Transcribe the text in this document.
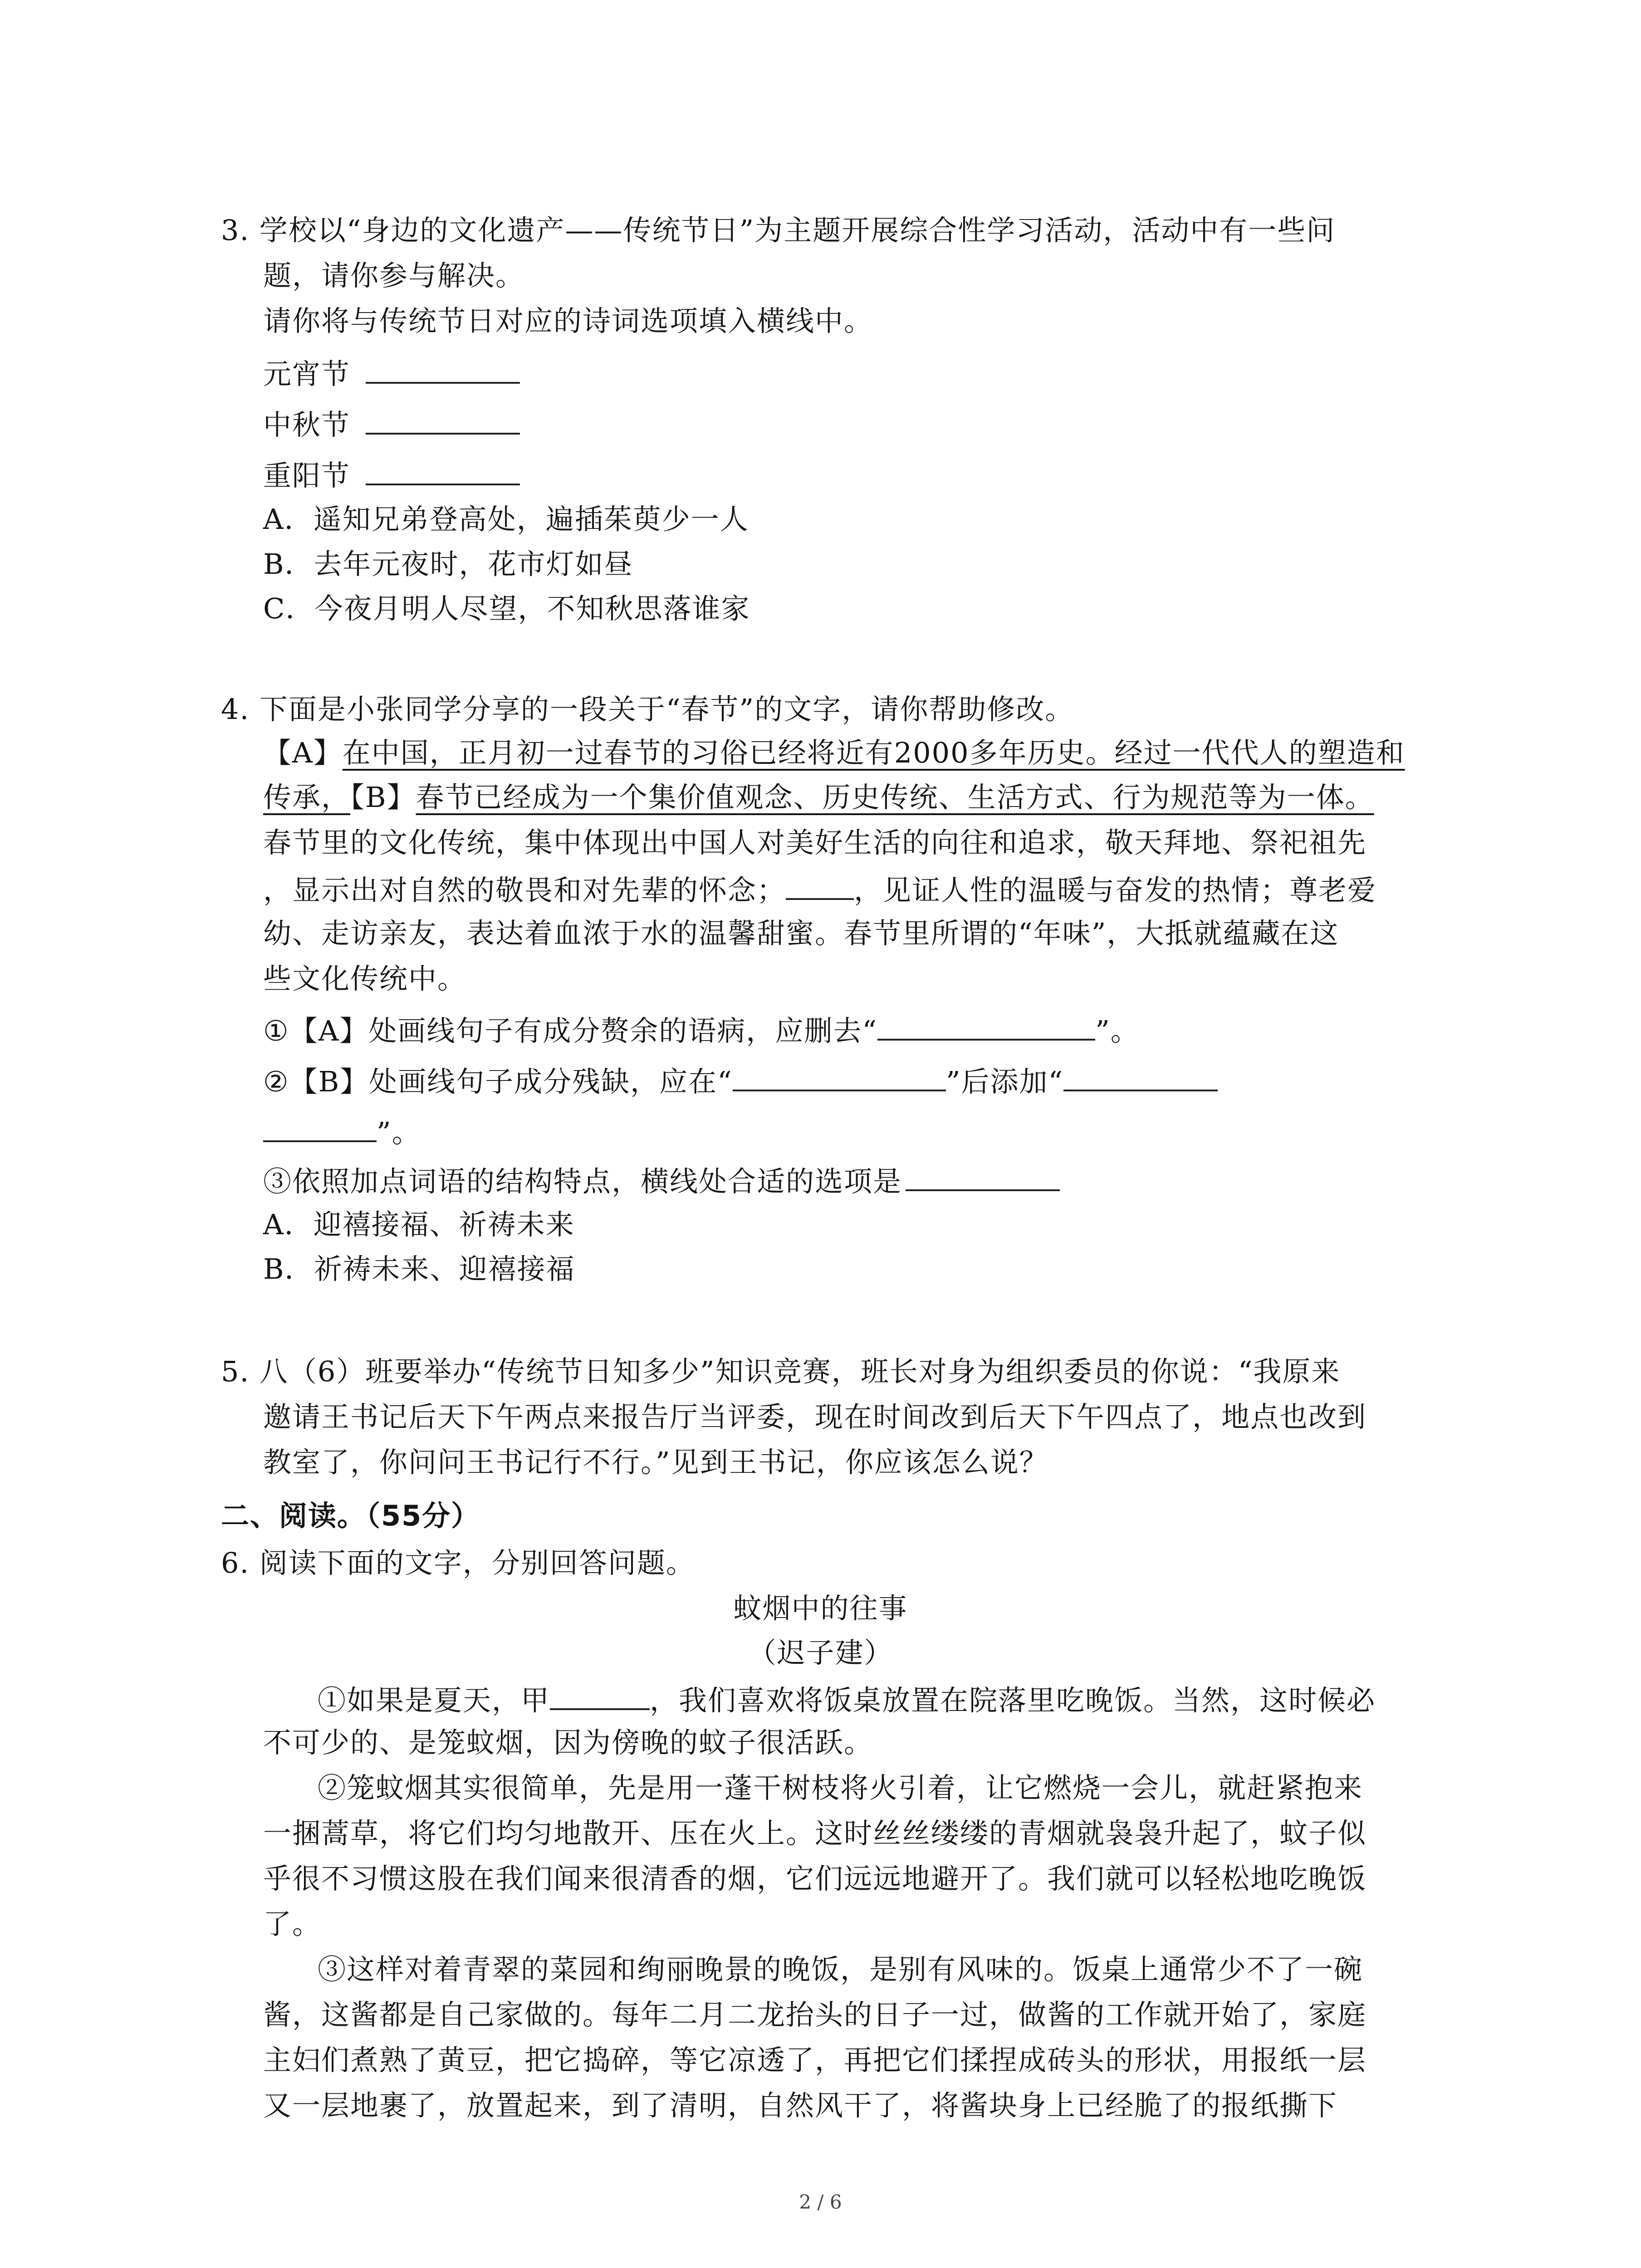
3. 学校以“身边的文化遗产——传统节日”为主题开展综合性学习活动，活动中有一些问
题，请你参与解决。
请你将与传统节日对应的诗词选项填入横线中。
元宵节
中秋节
重阳节
A．遥知兄弟登高处，遍插茱萸少一人
B．去年元夜时，花市灯如昼
C．今夜月明人尽望，不知秋思落谁家
4. 下面是小张同学分享的一段关于“春节”的文字，请你帮助修改。
【A】在中国，正月初一过春节的习俗已经将近有2000多年历史。经过一代代人的塑造和
传承，【B】春节已经成为一个集价值观念、历史传统、生活方式、行为规范等为一体。
春节里的文化传统，集中体现出中国人对美好生活的向往和追求，敬天拜地、祭祀祖先
，显示出对自然的敬畏和对先辈的怀念； ，见证人性的温暖与奋发的热情；尊老爱
幼、走访亲友，表达着血浓于水的温馨甜蜜。春节里所谓的“年味”，大抵就蕴藏在这
些文化传统中。
①【A】处画线句子有成分赘余的语病，应删去“	”。
②【B】处画线句子成分残缺，应在“	”后添加“
”。
③依照加点词语的结构特点，横线处合适的选项是
A．迎禧接福、祈祷未来
B．祈祷未来、迎禧接福
5. 八（6）班要举办“传统节日知多少”知识竞赛，班长对身为组织委员的你说：“我原来
邀请王书记后天下午两点来报告厅当评委，现在时间改到后天下午四点了，地点也改到
教室了，你问问王书记行不行。”见到王书记，你应该怎么说？
二、阅读。（55分）
6. 阅读下面的文字，分别回答问题。
蚊烟中的往事
（迟子建）
①如果是夏天，甲	，我们喜欢将饭桌放置在院落里吃晚饭。当然，这时候必
不可少的、是笼蚊烟，因为傍晚的蚊子很活跃。
②笼蚊烟其实很简单，先是用一蓬干树枝将火引着，让它燃烧一会儿，就赶紧抱来
一捆蒿草，将它们均匀地散开、压在火上。这时丝丝缕缕的青烟就袅袅升起了，蚊子似
乎很不习惯这股在我们闻来很清香的烟，它们远远地避开了。我们就可以轻松地吃晚饭
了。
③这样对着青翠的菜园和绚丽晚景的晚饭，是别有风味的。饭桌上通常少不了一碗
酱，这酱都是自己家做的。每年二月二龙抬头的日子一过，做酱的工作就开始了，家庭
主妇们煮熟了黄豆，把它捣碎，等它凉透了，再把它们揉捏成砖头的形状，用报纸一层
又一层地裹了，放置起来，到了清明，自然风干了，将酱块身上已经脆了的报纸撕下
2 / 6
